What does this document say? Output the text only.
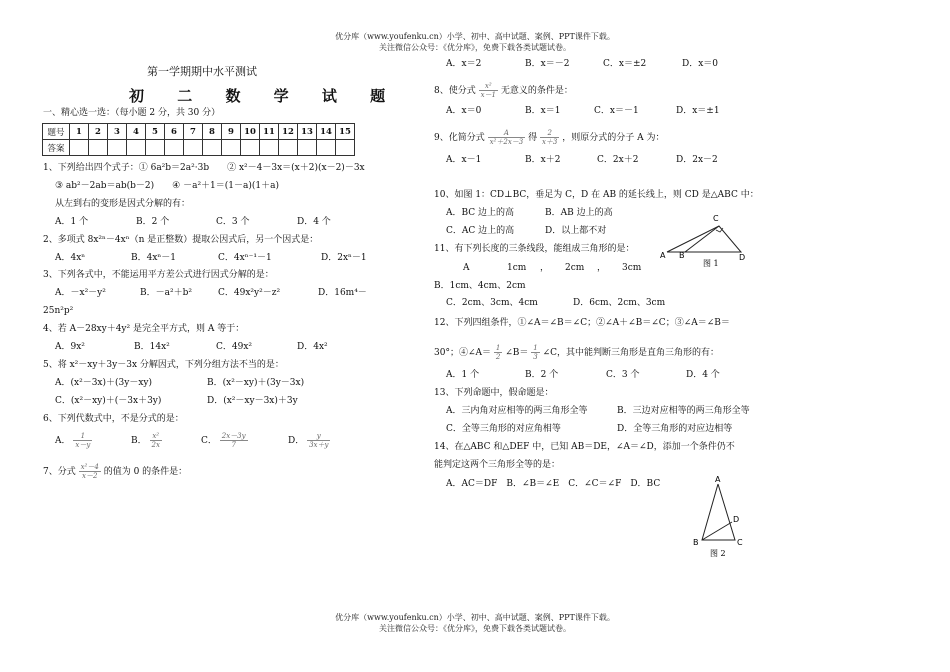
优分库（www.youfenku.cn）小学、初中、高中试题、案例、PPT课件下载。
关注微信公众号：《优分库》，免费下载各类试题试卷。
优分库（www.youfenku.cn）小学、初中、高中试题、案例、PPT课件下载。
关注微信公众号：《优分库》，免费下载各类试题试卷。
第一学期期中水平测试
初 二 数 学 试 题
一、精心选一选：（每小题 2 分，共 30 分）
题号	1	2	3	4	5	6	7	8	9	10	11	12	13	14	15
答案															
1、下列给出四个式子：① 6a²b＝2a²·3b　　② x²－4－3x＝(x＋2)(x－2)－3x
③ ab²－2ab＝ab(b－2)　　④ －a²＋1＝(1－a)(1＋a)
从左到右的变形是因式分解的有：
A．1 个	B．2 个	C．3 个	D．4 个
2、多项式 8x²ⁿ－4xⁿ（n 是正整数）提取公因式后，另一个因式是：
A．4xⁿ	B．4xⁿ－1	C．4xⁿ⁻¹－1	D．2xⁿ－1
3、下列各式中，不能运用平方差公式进行因式分解的是：
A．－x²－y²	B．－a²＋b²	C．49x²y²－z²	D．16m⁴－
25n²p²
4、若 A－28xy＋4y² 是完全平方式，则 A 等于：
A．9x²	B．14x²	C．49x²	D．4x²
5、将 x²－xy＋3y－3x 分解因式，下列分组方法不当的是：
A．(x²－3x)＋(3y－xy)	B．(x²－xy)＋(3y－3x)
C．(x²－xy)＋(－3x＋3y)	D．(x²－xy－3x)＋3y
6、下列代数式中，不是分式的是：
A． $\frac{1}{x-y}$	B． $\frac{\text{x²}}{2x}$	C． $\frac{2x-3y}{7}$	D． $\frac{y}{3x+y}$
7、分式 $\frac{\text{x²－4}}{x-2}$ 的值为 0 的条件是：
A．x＝2	B．x＝－2	C．x＝±2	D．x＝0
8、使分式 $\frac{\text{x²}}{x-1}$ 无意义的条件是：
A．x＝0	B．x＝1	C．x＝－1	D．x＝±1
9、化简分式 $\frac{A}{\text{x²＋2x－3}}$ 得 $\frac{2}{x+3}$ ，则原分式的分子 A 为：
A．x－1	B．x＋2	C．2x＋2	D．2x－2
10、如图 1：CD⊥BC，垂足为 C，D 在 AB 的延长线上，则 CD 是△ABC 中：
A．BC 边上的高	B．AB 边上的高
C．AC 边上的高	D．以上都不对
11、有下列长度的三条线段，能组成三角形的是：
A	1cm ， 2cm ， 3cm
B．1cm、4cm、2cm
C．2cm、3cm、4cm	D．6cm、2cm、3cm
12、下列四组条件，①∠A＝∠B＝∠C；②∠A＋∠B＝∠C；③∠A＝∠B＝
30°；④∠A＝ $\frac{1}{2}$ ∠B＝ $\frac{1}{3}$ ∠C，其中能判断三角形是直角三角形的有：
A．1 个	B．2 个	C．3 个	D．4 个
13、下列命题中，假命题是：
A．三内角对应相等的两三角形全等	B．三边对应相等的两三角形全等
C．全等三角形的对应角相等	D．全等三角形的对应边相等
14、在△ABC 和△DEF 中，已知 AB＝DE，∠A＝∠D，添加一个条件仍不
能判定这两个三角形全等的是：
A．AC＝DF　B．∠B＝∠E　C．∠C＝∠F　D．BC
C
A B	D
图 1
A
D
B	C
图 2
